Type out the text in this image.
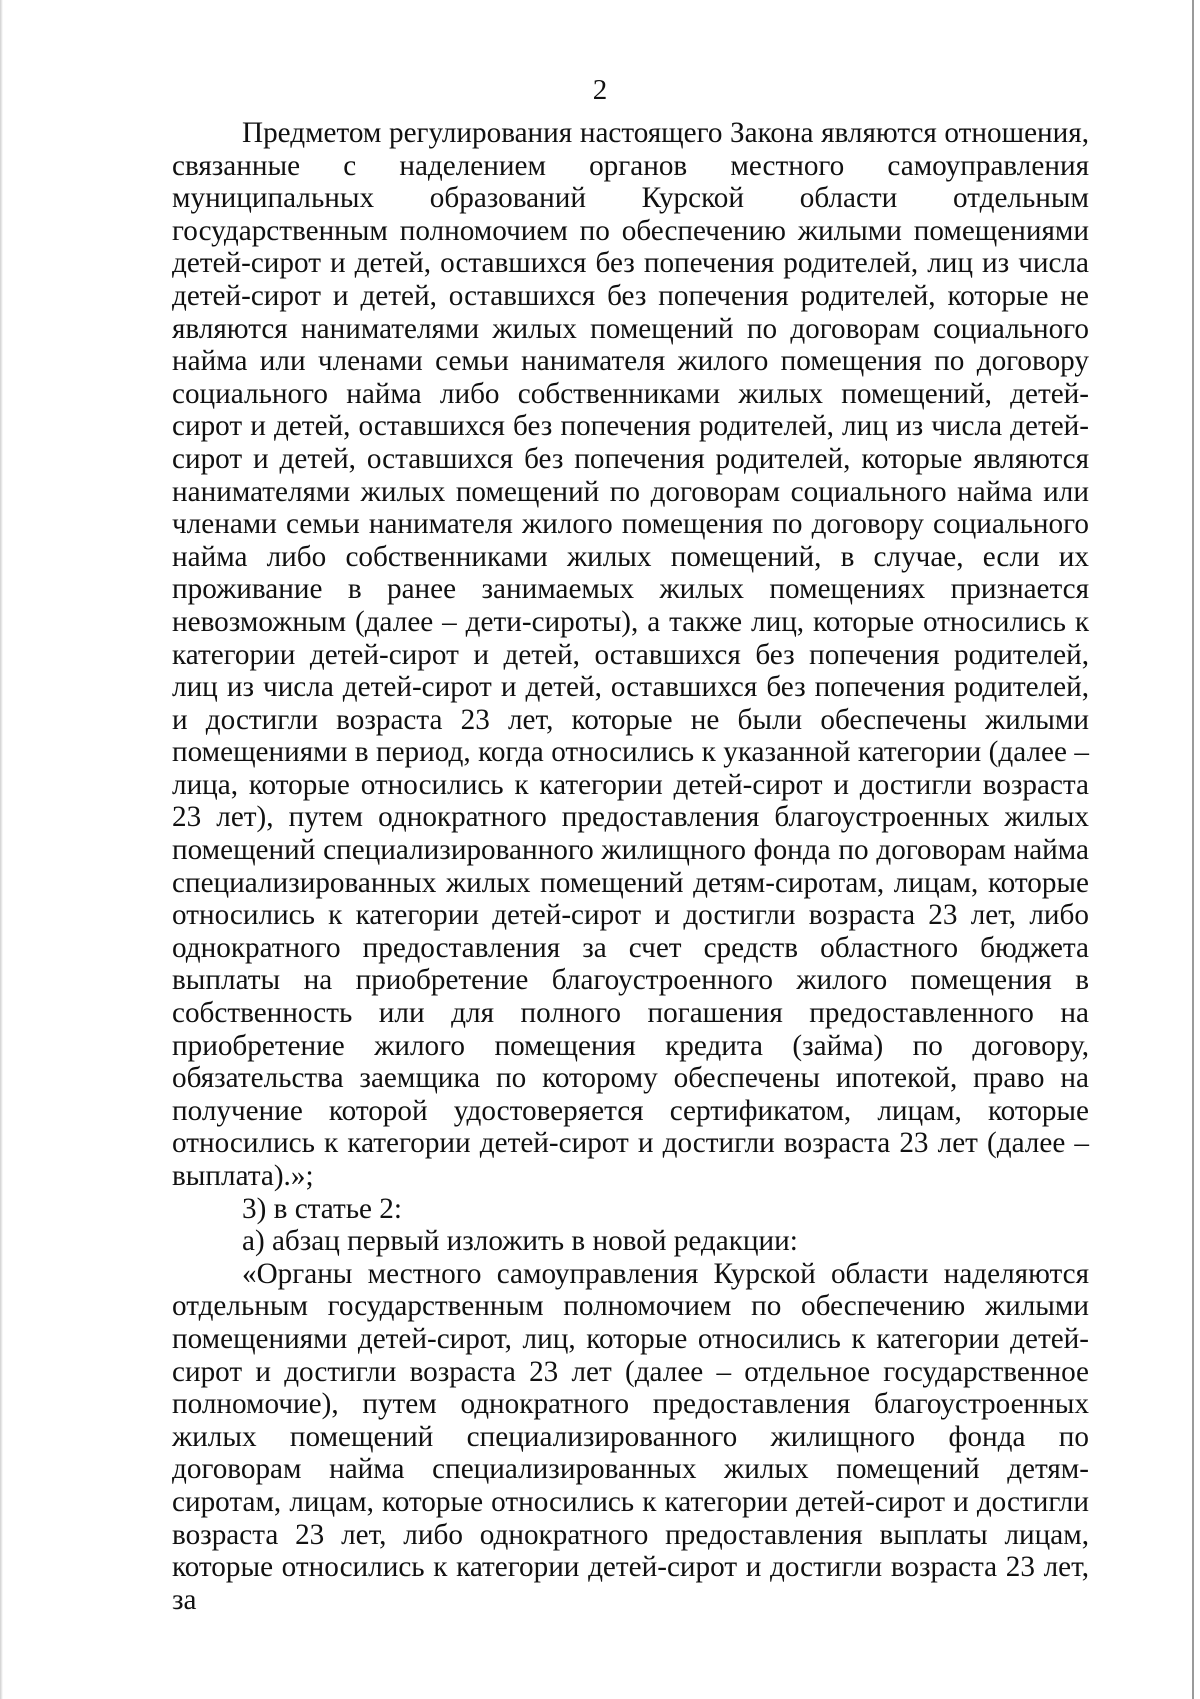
2

Предметом регулирования настоящего Закона являются отношения, связанные с наделением органов местного самоуправления муниципальных образований Курской области отдельным государственным полномочием по обеспечению жилыми помещениями детей-сирот и детей, оставшихся без попечения родителей, лиц из числа детей-сирот и детей, оставшихся без попечения родителей, которые не являются нанимателями жилых помещений по договорам социального найма или членами семьи нанимателя жилого помещения по договору социального найма либо собственниками жилых помещений, детей-сирот и детей, оставшихся без попечения родителей, лиц из числа детей-сирот и детей, оставшихся без попечения родителей, которые являются нанимателями жилых помещений по договорам социального найма или членами семьи нанимателя жилого помещения по договору социального найма либо собственниками жилых помещений, в случае, если их проживание в ранее занимаемых жилых помещениях признается невозможным (далее – дети-сироты), а также лиц, которые относились к категории детей-сирот и детей, оставшихся без попечения родителей, лиц из числа детей-сирот и детей, оставшихся без попечения родителей, и достигли возраста 23 лет, которые не были обеспечены жилыми помещениями в период, когда относились к указанной категории (далее – лица, которые относились к категории детей-сирот и достигли возраста 23 лет), путем однократного предоставления благоустроенных жилых помещений специализированного жилищного фонда по договорам найма специализированных жилых помещений детям-сиротам, лицам, которые относились к категории детей-сирот и достигли возраста 23 лет, либо однократного предоставления за счет средств областного бюджета выплаты на приобретение благоустроенного жилого помещения в собственность или для полного погашения предоставленного на приобретение жилого помещения кредита (займа) по договору, обязательства заемщика по которому обеспечены ипотекой, право на получение которой удостоверяется сертификатом, лицам, которые относились к категории детей-сирот и достигли возраста 23 лет (далее – выплата).»;

3) в статье 2:

а) абзац первый изложить в новой редакции:

«Органы местного самоуправления Курской области наделяются отдельным государственным полномочием по обеспечению жилыми помещениями детей-сирот, лиц, которые относились к категории детей-сирот и достигли возраста 23 лет (далее – отдельное государственное полномочие), путем однократного предоставления благоустроенных жилых помещений специализированного жилищного фонда по договорам найма специализированных жилых помещений детям-сиротам, лицам, которые относились к категории детей-сирот и достигли возраста 23 лет, либо однократного предоставления выплаты лицам, которые относились к категории детей-сирот и достигли возраста 23 лет, за
